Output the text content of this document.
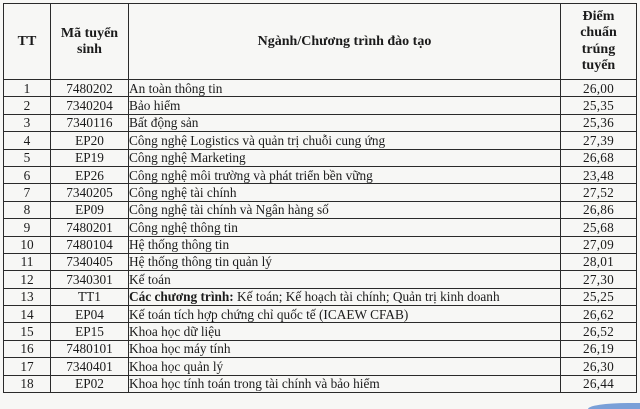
TT	Mã tuyển sinh	Ngành/Chương trình đào tạo	Điểm chuẩn trúng tuyển
1	7480202	An toàn thông tin	26,00
2	7340204	Bảo hiểm	25,35
3	7340116	Bất động sản	25,36
4	EP20	Công nghệ Logistics và quản trị chuỗi cung ứng	27,39
5	EP19	Công nghệ Marketing	26,68
6	EP26	Công nghệ môi trường và phát triển bền vững	23,48
7	7340205	Công nghệ tài chính	27,52
8	EP09	Công nghệ tài chính và Ngân hàng số	26,86
9	7480201	Công nghệ thông tin	25,68
10	7480104	Hệ thống thông tin	27,09
11	7340405	Hệ thống thông tin quản lý	28,01
12	7340301	Kế toán	27,30
13	TT1	Các chương trình: Kế toán; Kế hoạch tài chính; Quản trị kinh doanh	25,25
14	EP04	Kế toán tích hợp chứng chỉ quốc tế (ICAEW CFAB)	26,62
15	EP15	Khoa học dữ liệu	26,52
16	7480101	Khoa học máy tính	26,19
17	7340401	Khoa học quản lý	26,30
18	EP02	Khoa học tính toán trong tài chính và bảo hiểm	26,44
